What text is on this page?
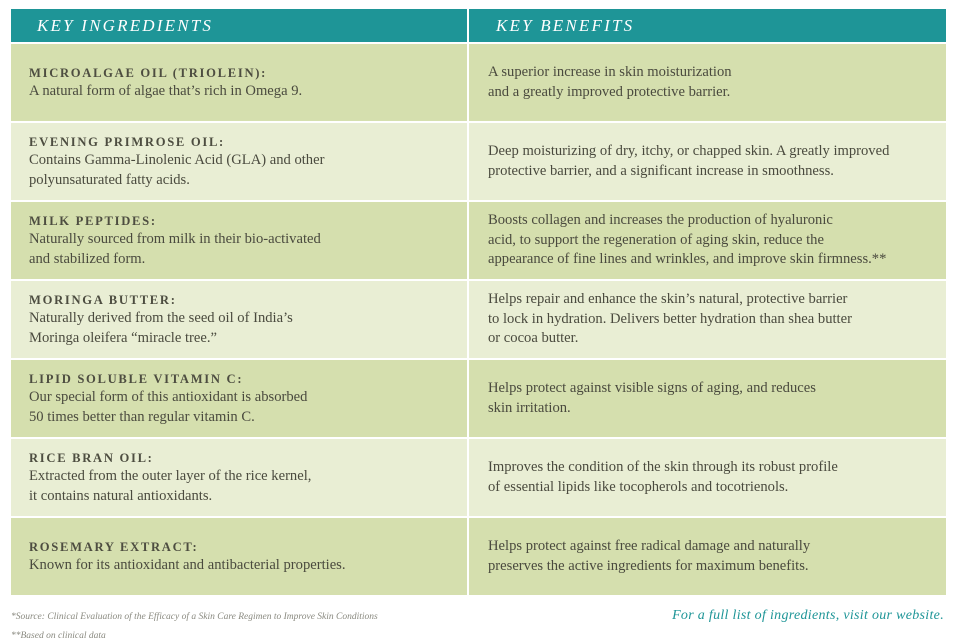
KEY INGREDIENTS	KEY BENEFITS
MICROALGAE OIL (TRIOLEIN):
A natural form of algae that’s rich in Omega 9.
A superior increase in skin moisturization
and a greatly improved protective barrier.
EVENING PRIMROSE OIL:
Contains Gamma-Linolenic Acid (GLA) and other
polyunsaturated fatty acids.
Deep moisturizing of dry, itchy, or chapped skin. A greatly improved
protective barrier, and a significant increase in smoothness.
MILK PEPTIDES:
Naturally sourced from milk in their bio-activated
and stabilized form.
Boosts collagen and increases the production of hyaluronic
acid, to support the regeneration of aging skin, reduce the
appearance of fine lines and wrinkles, and improve skin firmness.**
MORINGA BUTTER:
Naturally derived from the seed oil of India’s
Moringa oleifera “miracle tree.”
Helps repair and enhance the skin’s natural, protective barrier
to lock in hydration. Delivers better hydration than shea butter
or cocoa butter.
LIPID SOLUBLE VITAMIN C:
Our special form of this antioxidant is absorbed
50 times better than regular vitamin C.
Helps protect against visible signs of aging, and reduces
skin irritation.
RICE BRAN OIL:
Extracted from the outer layer of the rice kernel,
it contains natural antioxidants.
Improves the condition of the skin through its robust profile
of essential lipids like tocopherols and tocotrienols.
ROSEMARY EXTRACT:
Known for its antioxidant and antibacterial properties.
Helps protect against free radical damage and naturally
preserves the active ingredients for maximum benefits.
*Source: Clinical Evaluation of the Efficacy of a Skin Care Regimen to Improve Skin Conditions
**Based on clinical data
For a full list of ingredients, visit our website.
